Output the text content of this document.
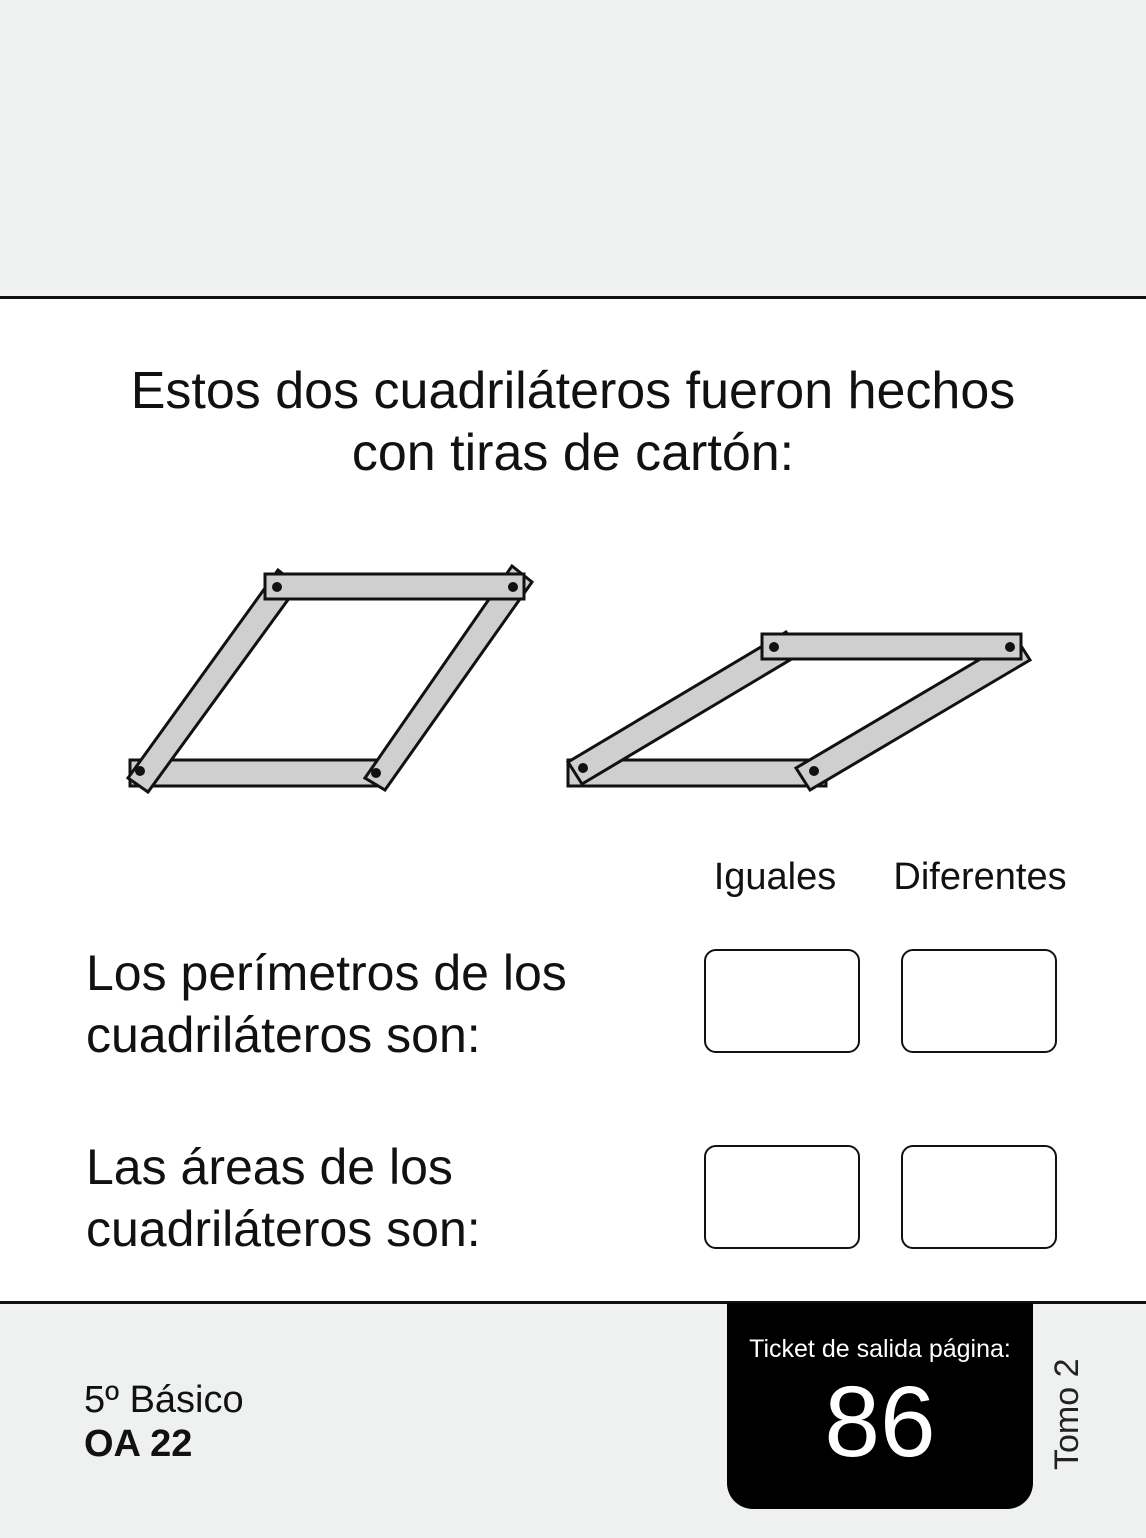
Estos dos cuadriláteros fueron hechos
con tiras de cartón:
Iguales	Diferentes
Los perímetros de los
cuadriláteros son:
Las áreas de los
cuadriláteros son:
5º Básico
OA 22
Ticket de salida página:
86	Tomo 2
